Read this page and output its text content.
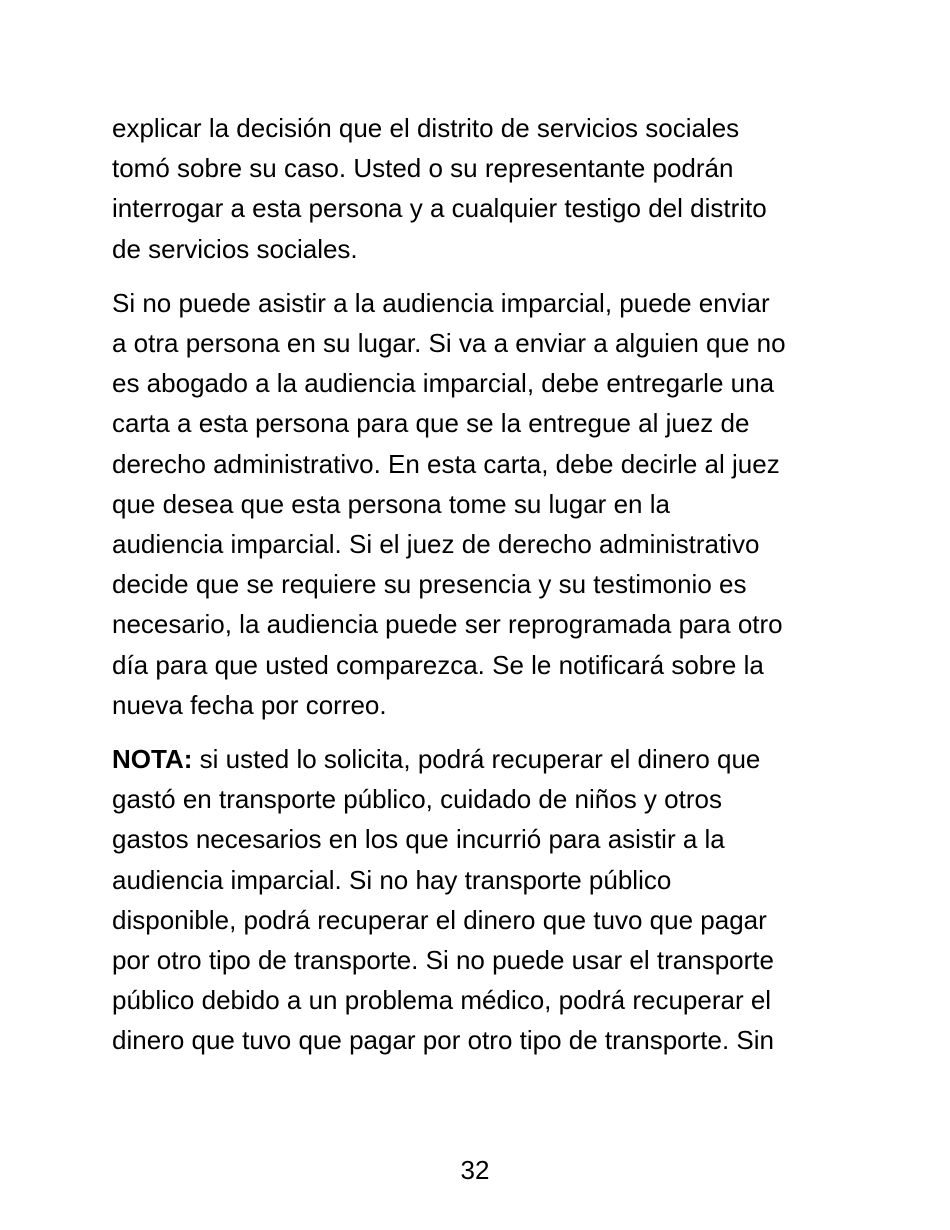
explicar la decisión que el distrito de servicios sociales
tomó sobre su caso. Usted o su representante podrán
interrogar a esta persona y a cualquier testigo del distrito
de servicios sociales.
Si no puede asistir a la audiencia imparcial, puede enviar
a otra persona en su lugar. Si va a enviar a alguien que no
es abogado a la audiencia imparcial, debe entregarle una
carta a esta persona para que se la entregue al juez de
derecho administrativo. En esta carta, debe decirle al juez
que desea que esta persona tome su lugar en la
audiencia imparcial. Si el juez de derecho administrativo
decide que se requiere su presencia y su testimonio es
necesario, la audiencia puede ser reprogramada para otro
día para que usted comparezca. Se le notificará sobre la
nueva fecha por correo.
NOTA: si usted lo solicita, podrá recuperar el dinero que
gastó en transporte público, cuidado de niños y otros
gastos necesarios en los que incurrió para asistir a la
audiencia imparcial. Si no hay transporte público
disponible, podrá recuperar el dinero que tuvo que pagar
por otro tipo de transporte. Si no puede usar el transporte
público debido a un problema médico, podrá recuperar el
dinero que tuvo que pagar por otro tipo de transporte. Sin
32
